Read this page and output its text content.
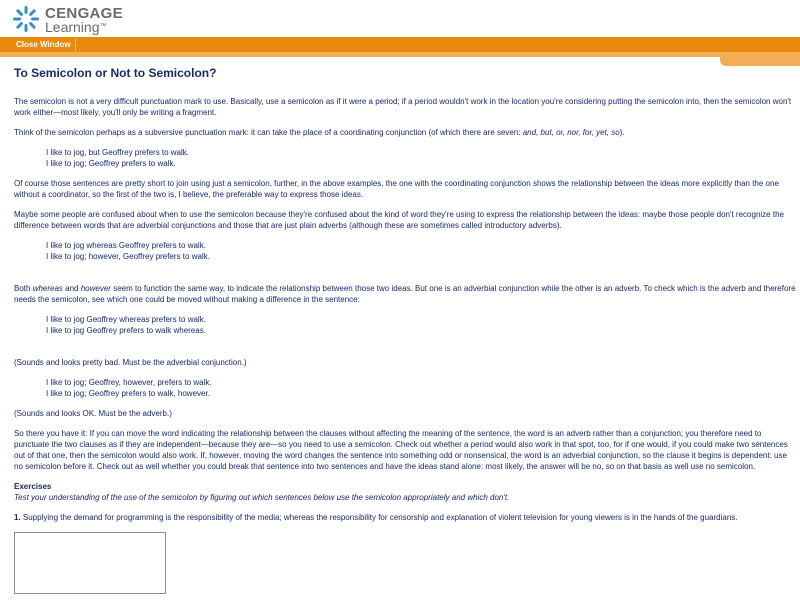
CENGAGE
Learning™
Close Window
To Semicolon or Not to Semicolon?

The semicolon is not a very difficult punctuation mark to use. Basically, use a semicolon as if it were a period; if a period wouldn't work in the location you're considering putting the semicolon into, then the semicolon won't work either—most likely, you'll only be writing a fragment.

Think of the semicolon perhaps as a subversive punctuation mark: it can take the place of a coordinating conjunction (of which there are seven: and, but, or, nor, for, yet, so).

I like to jog, but Geoffrey prefers to walk.
I like to jog; Geoffrey prefers to walk.

Of course those sentences are pretty short to join using just a semicolon, further, in the above examples, the one with the coordinating conjunction shows the relationship between the ideas more explicitly than the one without a coordinator, so the first of the two is, I believe, the preferable way to express those ideas.

Maybe some people are confused about when to use the semicolon because they're confused about the kind of word they're using to express the relationship between the ideas: maybe those people don't recognize the difference between words that are adverbial conjunctions and those that are just plain adverbs (although these are sometimes called introductory adverbs).

I like to jog whereas Geoffrey prefers to walk.
I like to jog; however, Geoffrey prefers to walk.

Both whereas and however seem to function the same way, to indicate the relationship between those two ideas. But one is an adverbial conjunction while the other is an adverb. To check which is the adverb and therefore needs the semicolon, see which one could be moved without making a difference in the sentence:

I like to jog Geoffrey whereas prefers to walk.
I like to jog Geoffrey prefers to walk whereas.

(Sounds and looks pretty bad. Must be the adverbial conjunction.)

I like to jog; Geoffrey, however, prefers to walk.
I like to jog; Geoffrey prefers to walk, however.

(Sounds and looks OK. Must be the adverb.)

So there you have it: If you can move the word indicating the relationship between the clauses without affecting the meaning of the sentence, the word is an adverb rather than a conjunction; you therefore need to punctuate the two clauses as if they are independent—because they are—so you need to use a semicolon. Check out whether a period would also work in that spot, too, for if one would, if you could make two sentences out of that one, then the semicolon would also work. If, however, moving the word changes the sentence into something odd or nonsensical, the word is an adverbial conjunction, so the clause it begins is dependent: use no semicolon before it. Check out as well whether you could break that sentence into two sentences and have the ideas stand alone: most likely, the answer will be no, so on that basis as well use no semicolon.

Exercises
Test your understanding of the use of the semicolon by figuring out which sentences below use the semicolon appropriately and which don't.

1. Supplying the demand for programming is the responsibility of the media; whereas the responsibility for censorship and explanation of violent television for young viewers is in the hands of the guardians.
